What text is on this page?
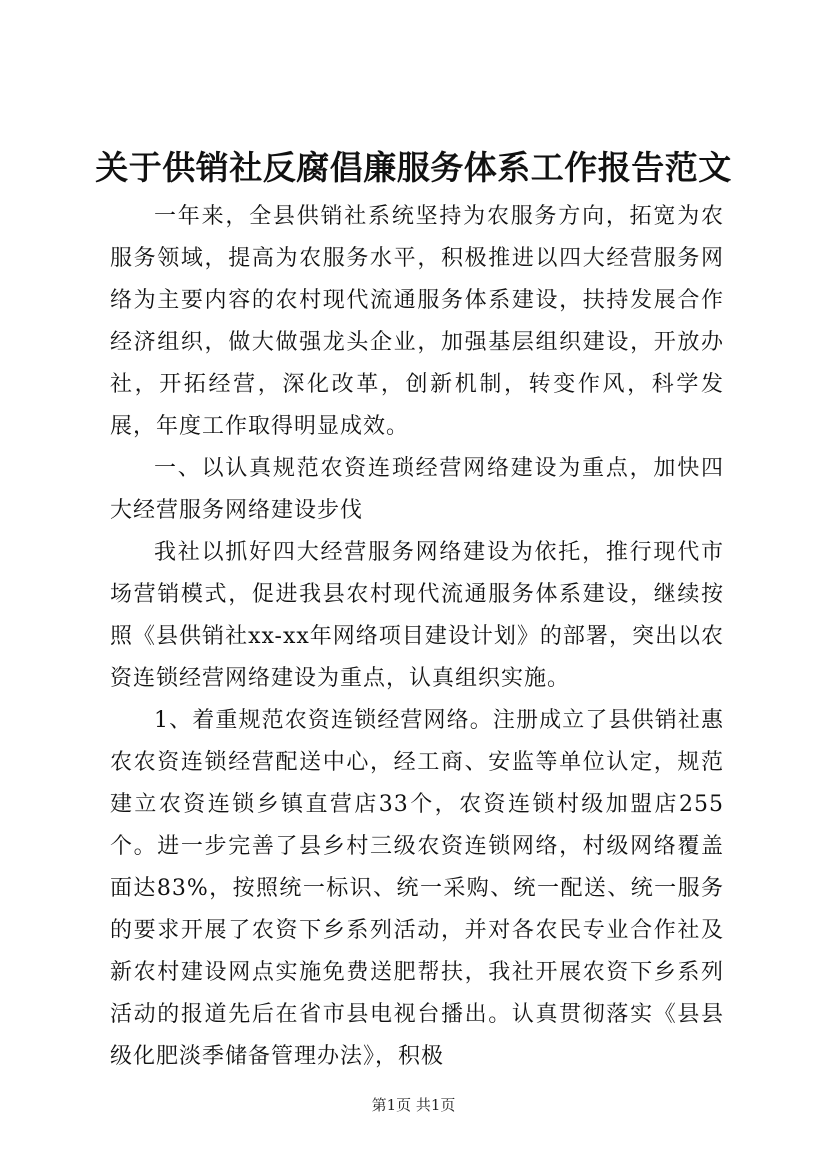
关于供销社反腐倡廉服务体系工作报告范文

一年来，全县供销社系统坚持为农服务方向，拓宽为农服务领域，提高为农服务水平，积极推进以四大经营服务网络为主要内容的农村现代流通服务体系建设，扶持发展合作经济组织，做大做强龙头企业，加强基层组织建设，开放办社，开拓经营，深化改革，创新机制，转变作风，科学发展，年度工作取得明显成效。

一、以认真规范农资连琐经营网络建设为重点，加快四大经营服务网络建设步伐

我社以抓好四大经营服务网络建设为依托，推行现代市场营销模式，促进我县农村现代流通服务体系建设，继续按照《县供销社xx-xx年网络项目建设计划》的部署，突出以农资连锁经营网络建设为重点，认真组织实施。

1、着重规范农资连锁经营网络。注册成立了县供销社惠农农资连锁经营配送中心，经工商、安监等单位认定，规范建立农资连锁乡镇直营店33个，农资连锁村级加盟店255个。进一步完善了县乡村三级农资连锁网络，村级网络覆盖面达83%，按照统一标识、统一采购、统一配送、统一服务的要求开展了农资下乡系列活动，并对各农民专业合作社及新农村建设网点实施免费送肥帮扶，我社开展农资下乡系列活动的报道先后在省市县电视台播出。认真贯彻落实《县县级化肥淡季储备管理办法》，积极

第1页 共1页
